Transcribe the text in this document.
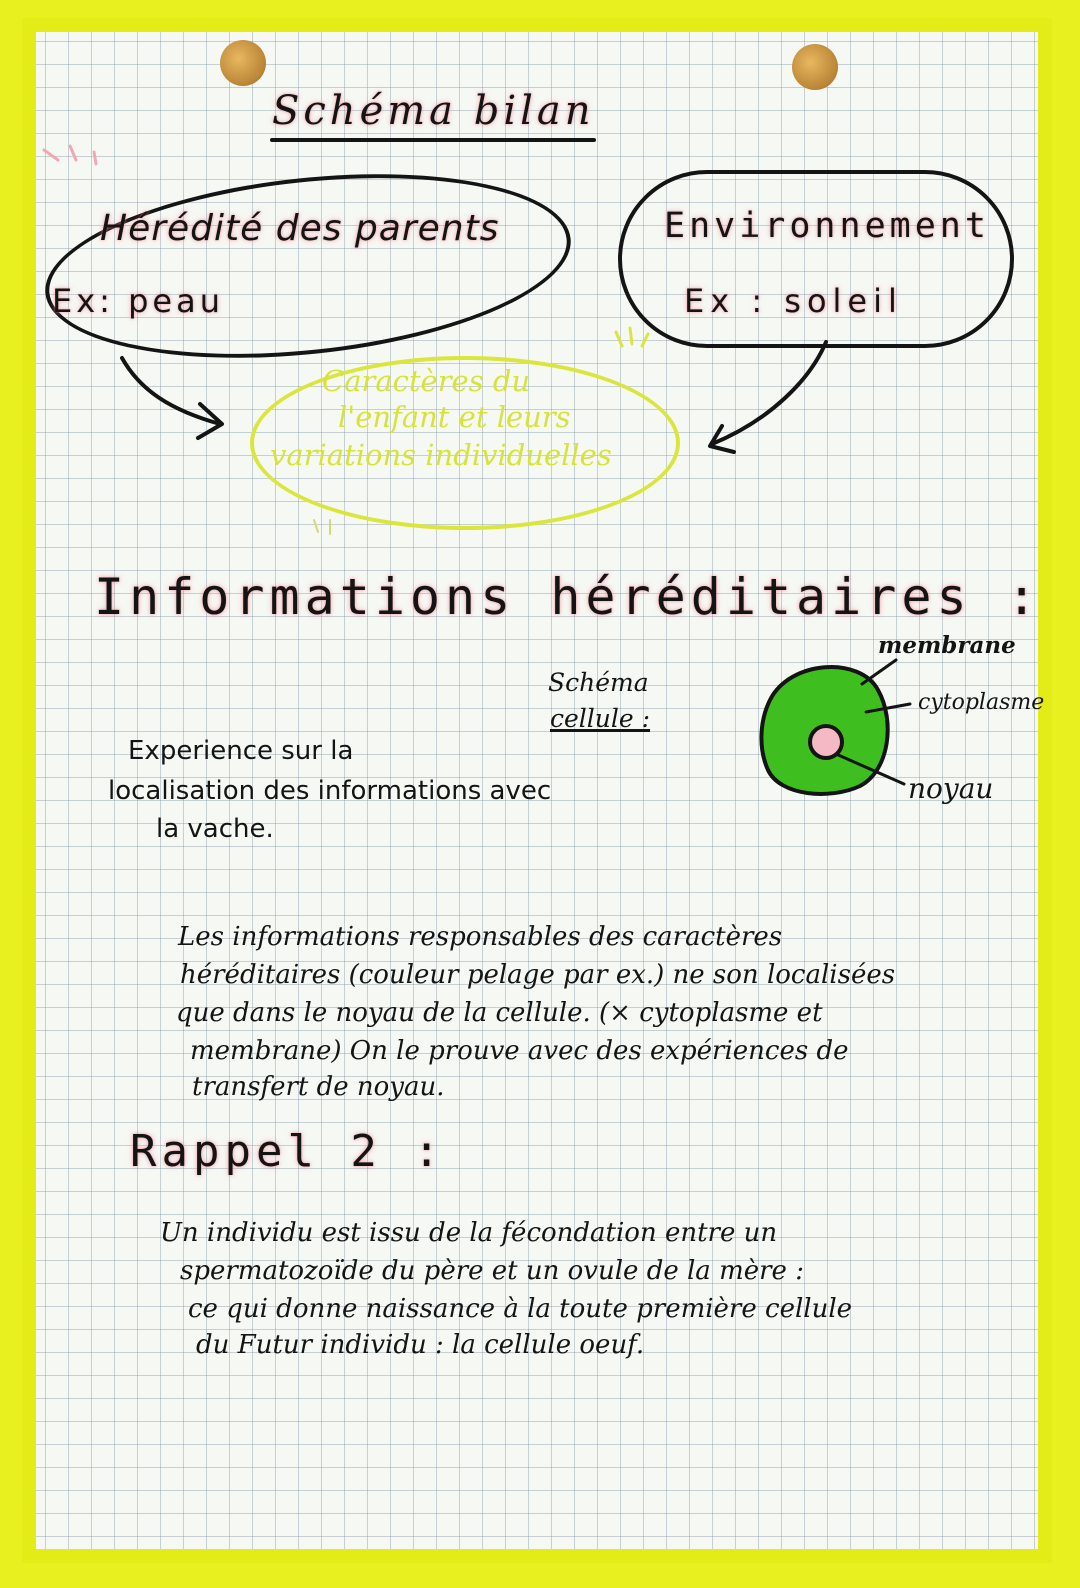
Schéma bilan
Hérédité des parents
Ex: peau
Environnement
Ex : soleil
Caractères du
l'enfant et leurs
variations individuelles
Informations héréditaires :
Schéma
cellule :
membrane
cytoplasme
noyau
Experience sur la
localisation des informations avec
la vache.
Les informations responsables des caractères
héréditaires (couleur pelage par ex.) ne son localisées
que dans le noyau de la cellule. (× cytoplasme et
membrane) On le prouve avec des expériences de
transfert de noyau.
Rappel 2 :
Un individu est issu de la fécondation entre un
spermatozoïde du père et un ovule de la mère :
ce qui donne naissance à la toute première cellule
du Futur individu : la cellule oeuf.
